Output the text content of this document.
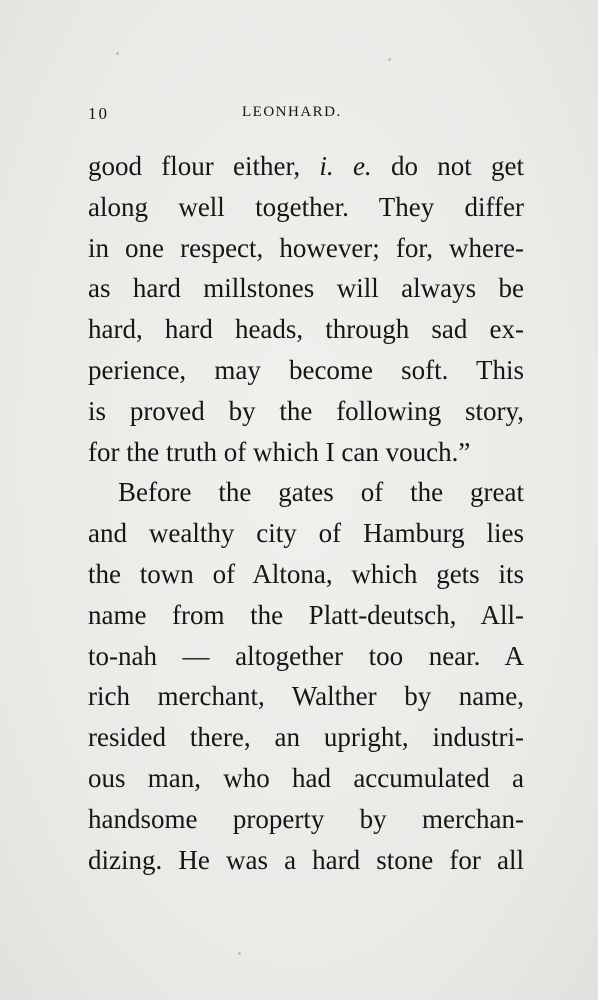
10	LEONHARD.
good flour either, i. e. do not get
along well together. They differ
in one respect, however; for, where-
as hard millstones will always be
hard, hard heads, through sad ex-
perience, may become soft. This
is proved by the following story,
for the truth of which I can vouch.”
Before the gates of the great
and wealthy city of Hamburg lies
the town of Altona, which gets its
name from the Platt-deutsch, All-
to-nah — altogether too near. A
rich merchant, Walther by name,
resided there, an upright, industri-
ous man, who had accumulated a
handsome property by merchan-
dizing. He was a hard stone for all
